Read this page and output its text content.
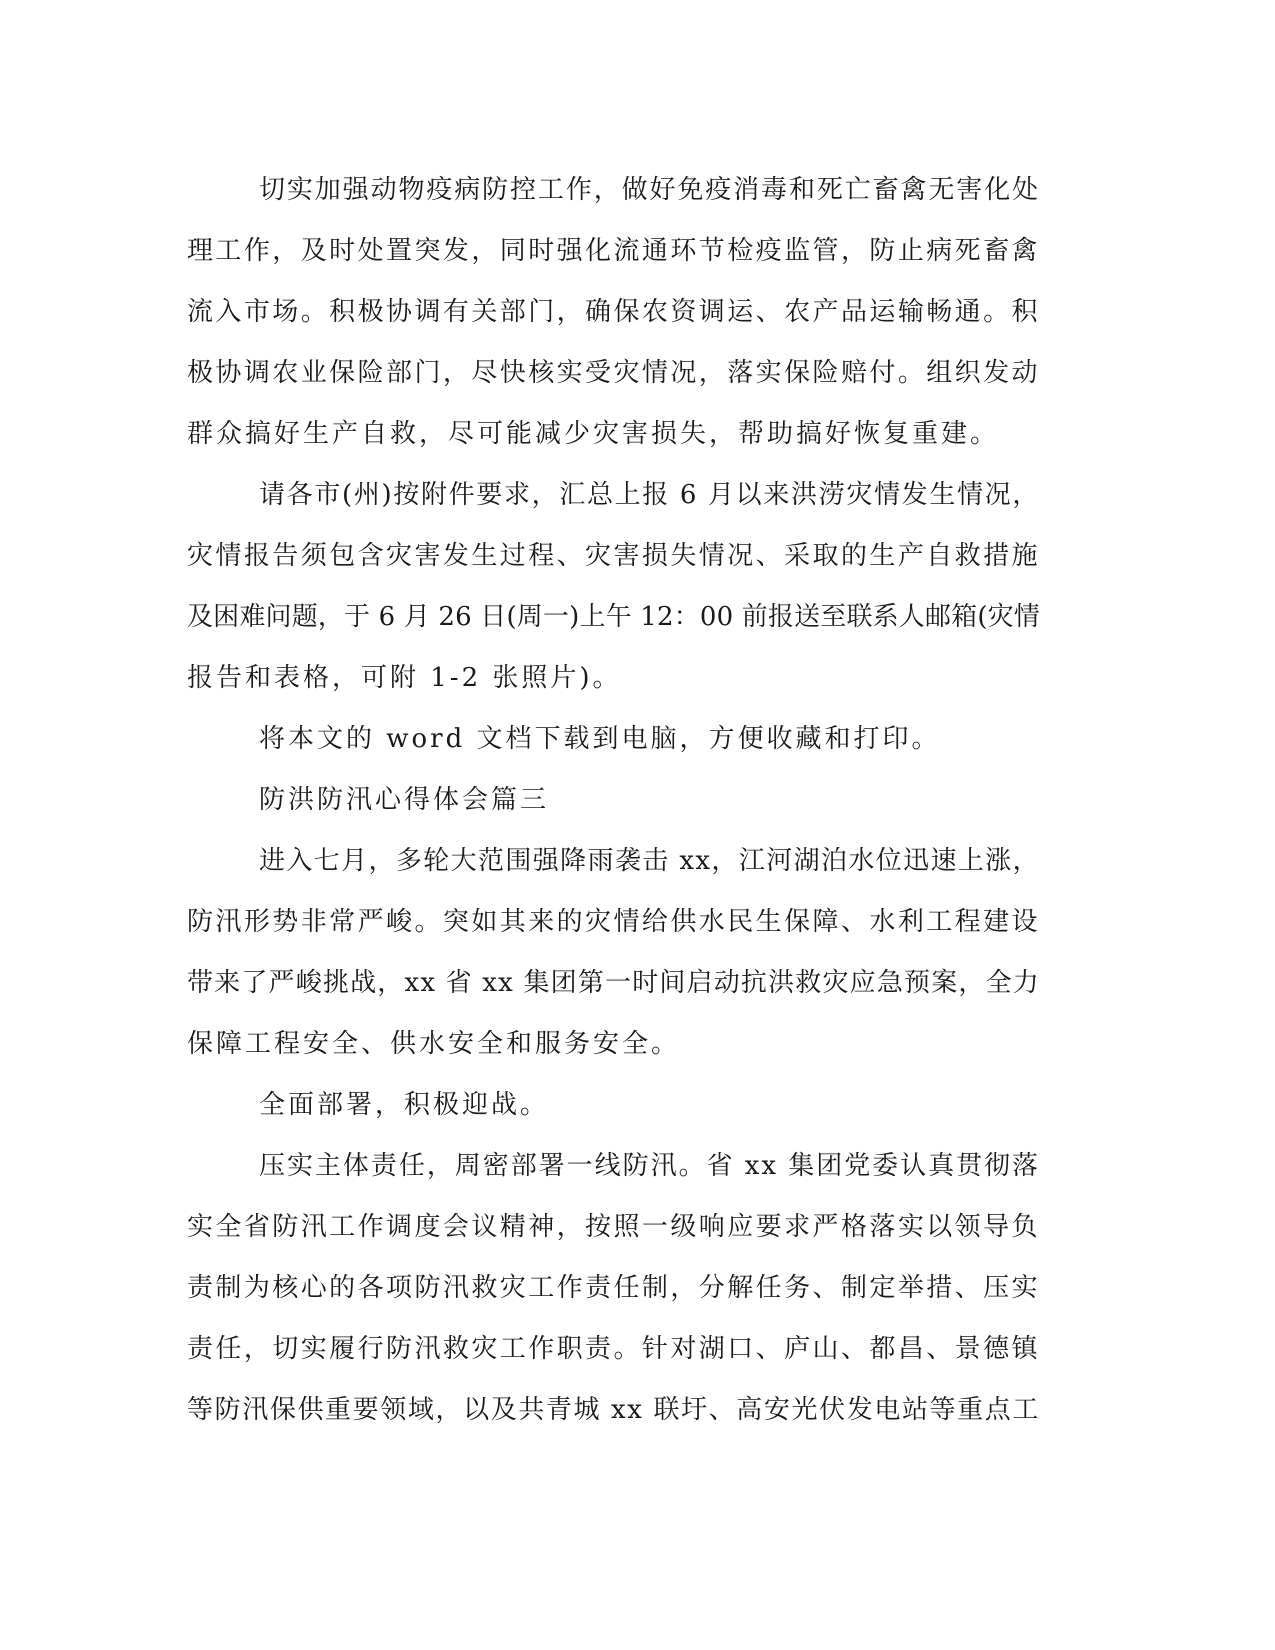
切实加强动物疫病防控工作，做好免疫消毒和死亡畜禽无害化处
理工作，及时处置突发，同时强化流通环节检疫监管，防止病死畜禽
流入市场。积极协调有关部门，确保农资调运、农产品运输畅通。积
极协调农业保险部门，尽快核实受灾情况，落实保险赔付。组织发动
群众搞好生产自救，尽可能减少灾害损失，帮助搞好恢复重建。
请各市(州)按附件要求，汇总上报 6 月以来洪涝灾情发生情况，
灾情报告须包含灾害发生过程、灾害损失情况、采取的生产自救措施
及困难问题，于 6 月 26 日(周一)上午 12：00 前报送至联系人邮箱(灾情
报告和表格，可附 1-2 张照片)。
将本文的 word 文档下载到电脑，方便收藏和打印。
防洪防汛心得体会篇三
进入七月，多轮大范围强降雨袭击 xx，江河湖泊水位迅速上涨，
防汛形势非常严峻。突如其来的灾情给供水民生保障、水利工程建设
带来了严峻挑战，xx 省 xx 集团第一时间启动抗洪救灾应急预案，全力
保障工程安全、供水安全和服务安全。
全面部署，积极迎战。
压实主体责任，周密部署一线防汛。省 xx 集团党委认真贯彻落
实全省防汛工作调度会议精神，按照一级响应要求严格落实以领导负
责制为核心的各项防汛救灾工作责任制，分解任务、制定举措、压实
责任，切实履行防汛救灾工作职责。针对湖口、庐山、都昌、景德镇
等防汛保供重要领域，以及共青城 xx 联圩、高安光伏发电站等重点工
